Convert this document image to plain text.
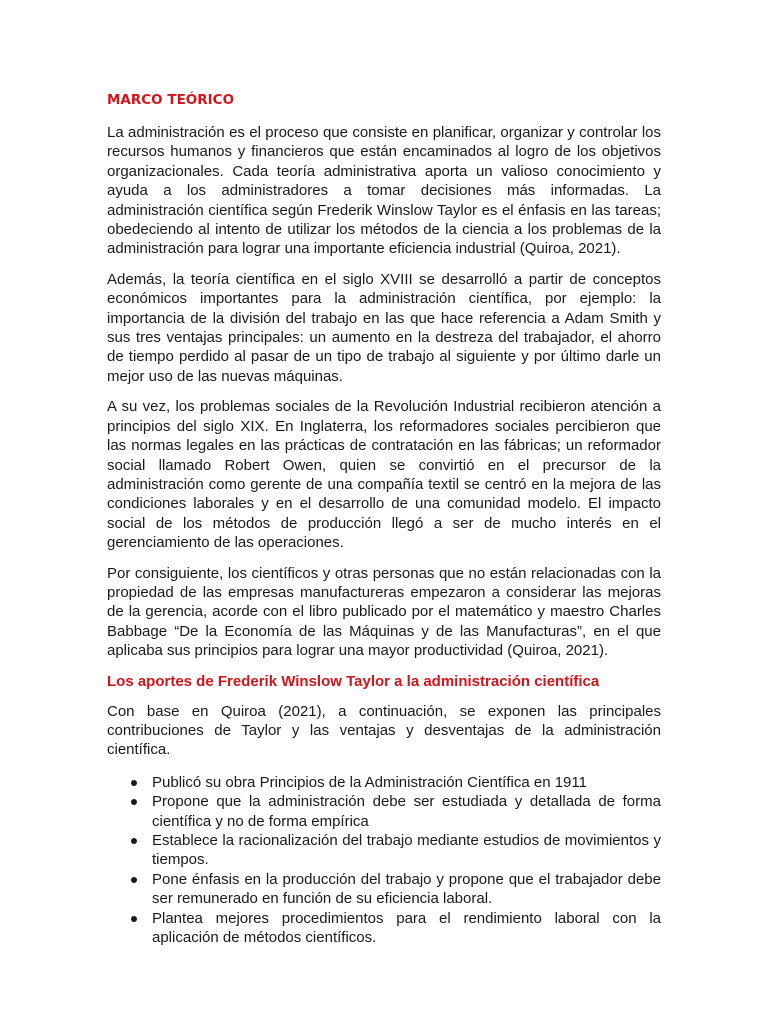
MARCO TEÓRICO

La administración es el proceso que consiste en planificar, organizar y controlar los recursos humanos y financieros que están encaminados al logro de los objetivos organizacionales. Cada teoría administrativa aporta un valioso conocimiento y ayuda a los administradores a tomar decisiones más informadas. La administración científica según Frederik Winslow Taylor es el énfasis en las tareas; obedeciendo al intento de utilizar los métodos de la ciencia a los problemas de la administración para lograr una importante eficiencia industrial (Quiroa, 2021).

Además, la teoría científica en el siglo XVIII se desarrolló a partir de conceptos económicos importantes para la administración científica, por ejemplo: la importancia de la división del trabajo en las que hace referencia a Adam Smith y sus tres ventajas principales: un aumento en la destreza del trabajador, el ahorro de tiempo perdido al pasar de un tipo de trabajo al siguiente y por último darle un mejor uso de las nuevas máquinas.

A su vez, los problemas sociales de la Revolución Industrial recibieron atención a principios del siglo XIX. En Inglaterra, los reformadores sociales percibieron que las normas legales en las prácticas de contratación en las fábricas; un reformador social llamado Robert Owen, quien se convirtió en el precursor de la administración como gerente de una compañía textil se centró en la mejora de las condiciones laborales y en el desarrollo de una comunidad modelo. El impacto social de los métodos de producción llegó a ser de mucho interés en el gerenciamiento de las operaciones.

Por consiguiente, los científicos y otras personas que no están relacionadas con la propiedad de las empresas manufactureras empezaron a considerar las mejoras de la gerencia, acorde con el libro publicado por el matemático y maestro Charles Babbage “De la Economía de las Máquinas y de las Manufacturas”, en el que aplicaba sus principios para lograr una mayor productividad (Quiroa, 2021).

Los aportes de Frederik Winslow Taylor a la administración científica

Con base en Quiroa (2021), a continuación, se exponen las principales contribuciones de Taylor y las ventajas y desventajas de la administración científica.

Publicó su obra Principios de la Administración Científica en 1911
Propone que la administración debe ser estudiada y detallada de forma científica y no de forma empírica
Establece la racionalización del trabajo mediante estudios de movimientos y tiempos.
Pone énfasis en la producción del trabajo y propone que el trabajador debe ser remunerado en función de su eficiencia laboral.
Plantea mejores procedimientos para el rendimiento laboral con la aplicación de métodos científicos.
